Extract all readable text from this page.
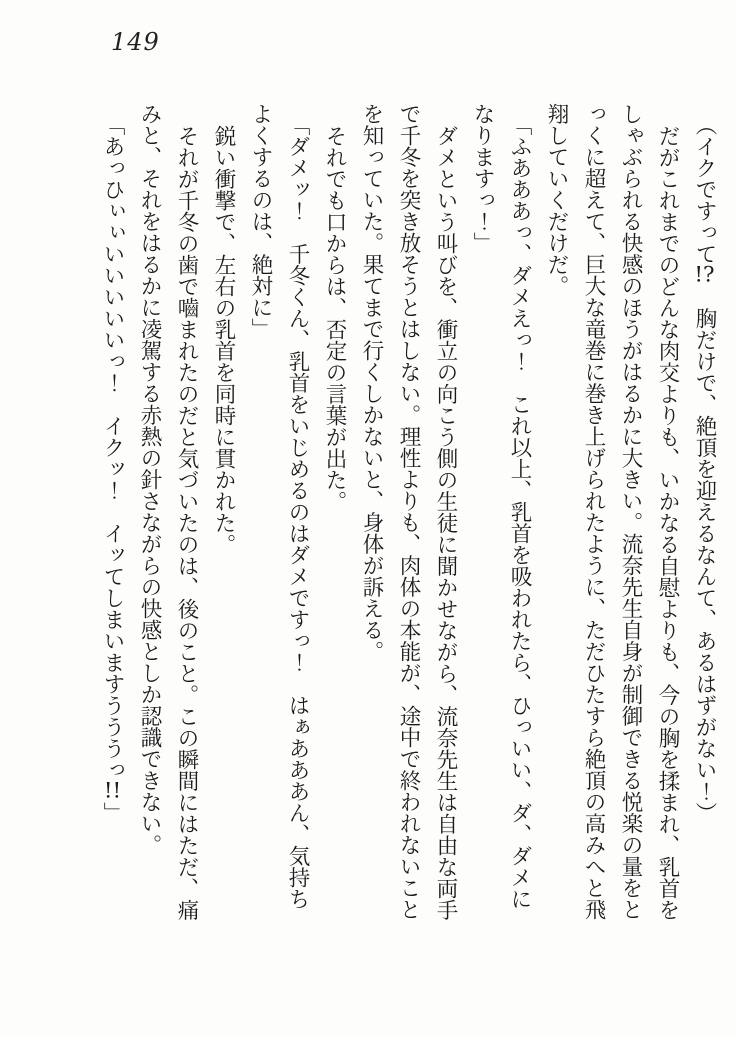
149

（イクですって!?　胸だけで、絶頂を迎えるなんて、あるはずがない！）

だがこれまでのどんな肉交よりも、いかなる自慰よりも、今の胸を揉まれ、乳首をしゃぶられる快感のほうがはるかに大きい。流奈先生自身が制御できる悦楽の量をとっくに超えて、巨大な竜巻に巻き上げられたように、ただひたすら絶頂の高みへと飛翔していくだけだ。

「ふあああっ、ダメえっ！　これ以上、乳首を吸われたら、ひっいい、ダ、ダメになりますっ！」

ダメという叫びを、衝立の向こう側の生徒に聞かせながら、流奈先生は自由な両手で千冬を突き放そうとはしない。理性よりも、肉体の本能が、途中で終われないことを知っていた。果てまで行くしかないと、身体が訴える。

それでも口からは、否定の言葉が出た。

「ダメッ！　千冬くん、乳首をいじめるのはダメですっ！　はぁあああん、気持ちよくするのは、絶対に」

鋭い衝撃で、左右の乳首を同時に貫かれた。

それが千冬の歯で嚙まれたのだと気づいたのは、後のこと。この瞬間にはただ、痛みと、それをはるかに凌駕する赤熱の針さながらの快感としか認識できない。

「あっひぃぃいいいいいっ！　イクッ！　イッてしまいますうううっ!!」
